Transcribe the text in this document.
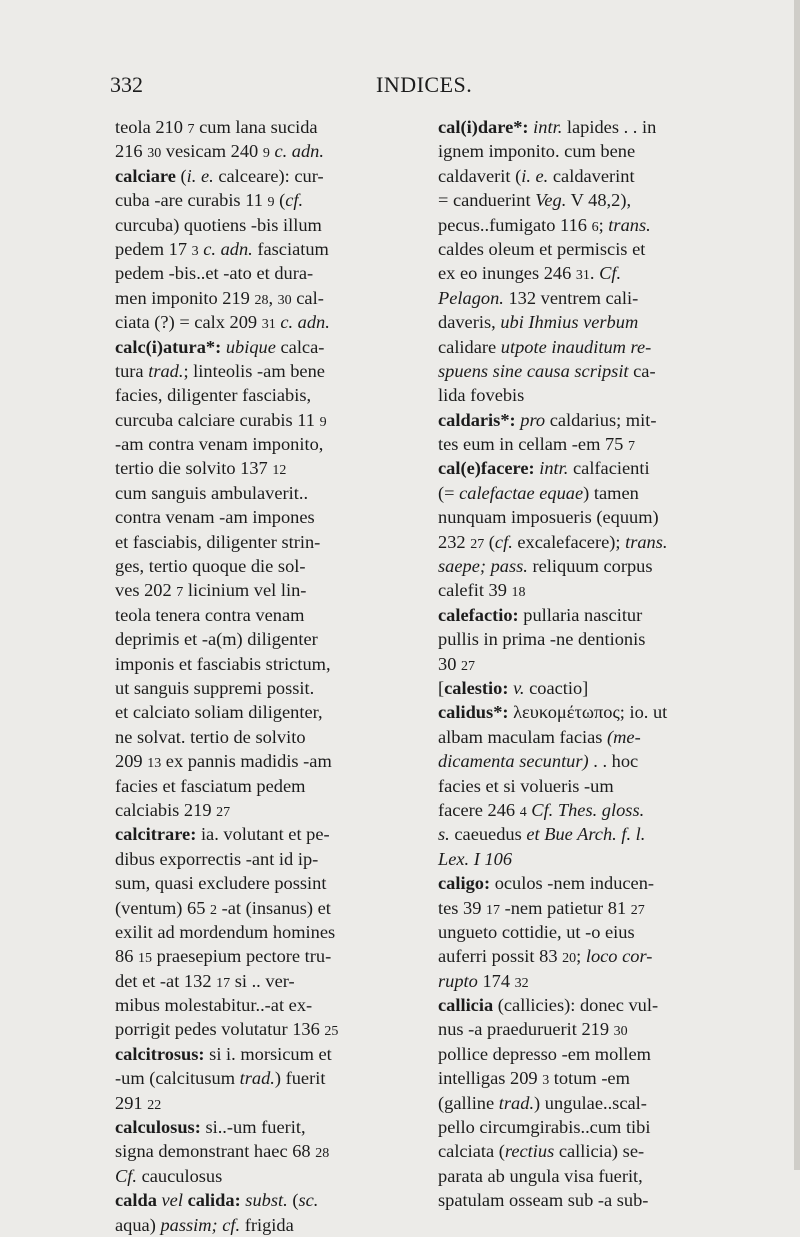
332	INDICES.
teola 210 7 cum lana sucida
216 30 vesicam 240 9 c. adn.
calciare (i. e. calceare): cur-
cuba -are curabis 11 9 (cf.
curcuba) quotiens -bis illum
pedem 17 3 c. adn. fasciatum
pedem -bis..et -ato et dura-
men imponito 219 28, 30 cal-
ciata (?) = calx 209 31 c. adn.
calc(i)atura*: ubique calca-
tura trad.; linteolis -am bene
facies, diligenter fasciabis,
curcuba calciare curabis 11 9
-am contra venam imponito,
tertio die solvito 137 12
cum sanguis ambulaverit..
contra venam -am impones
et fasciabis, diligenter strin-
ges, tertio quoque die sol-
ves 202 7 licinium vel lin-
teola tenera contra venam
deprimis et -a(m) diligenter
imponis et fasciabis strictum,
ut sanguis suppremi possit.
et calciato soliam diligenter,
ne solvat. tertio de solvito
209 13 ex pannis madidis -am
facies et fasciatum pedem
calciabis 219 27
calcitrare: ia. volutant et pe-
dibus exporrectis -ant id ip-
sum, quasi excludere possint
(ventum) 65 2 -at (insanus) et
exilit ad mordendum homines
86 15 praesepium pectore tru-
det et -at 132 17 si .. ver-
mibus molestabitur..-at ex-
porrigit pedes volutatur 136 25
calcitrosus: si i. morsicum et
-um (calcitusum trad.) fuerit
291 22
calculosus: si..-um fuerit,
signa demonstrant haec 68 28
Cf. cauculosus
calda vel calida: subst. (sc.
aqua) passim; cf. frigida
cal(i)dare*: intr. lapides . . in
ignem imponito. cum bene
caldaverit (i. e. caldaverint
= canduerint Veg. V 48,2),
pecus..fumigato 116 6; trans.
caldes oleum et permiscis et
ex eo inunges 246 31. Cf.
Pelagon. 132 ventrem cali-
daveris, ubi Ihmius verbum
calidare utpote inauditum re-
spuens sine causa scripsit ca-
lida fovebis
caldaris*: pro caldarius; mit-
tes eum in cellam -em 75 7
cal(e)facere: intr. calfacienti
(= calefactae equae) tamen
nunquam imposueris (equum)
232 27 (cf. excalefacere); trans.
saepe; pass. reliquum corpus
calefit 39 18
calefactio: pullaria nascitur
pullis in prima -ne dentionis
30 27
[calestio: v. coactio]
calidus*: λευκομέτωπος; io. ut
albam maculam facias (me-
dicamenta secuntur) . . hoc
facies et si volueris -um
facere 246 4 Cf. Thes. gloss.
s. caeuedus et Bue Arch. f. l.
Lex. I 106
caligo: oculos -nem inducen-
tes 39 17 -nem patietur 81 27
ungueto cottidie, ut -o eius
auferri possit 83 20; loco cor-
rupto 174 32
callicia (callicies): donec vul-
nus -a praeduruerit 219 30
pollice depresso -em mollem
intelligas 209 3 totum -em
(galline trad.) ungulae..scal-
pello circumgirabis..cum tibi
calciata (rectius callicia) se-
parata ab ungula visa fuerit,
spatulam osseam sub -a sub-
